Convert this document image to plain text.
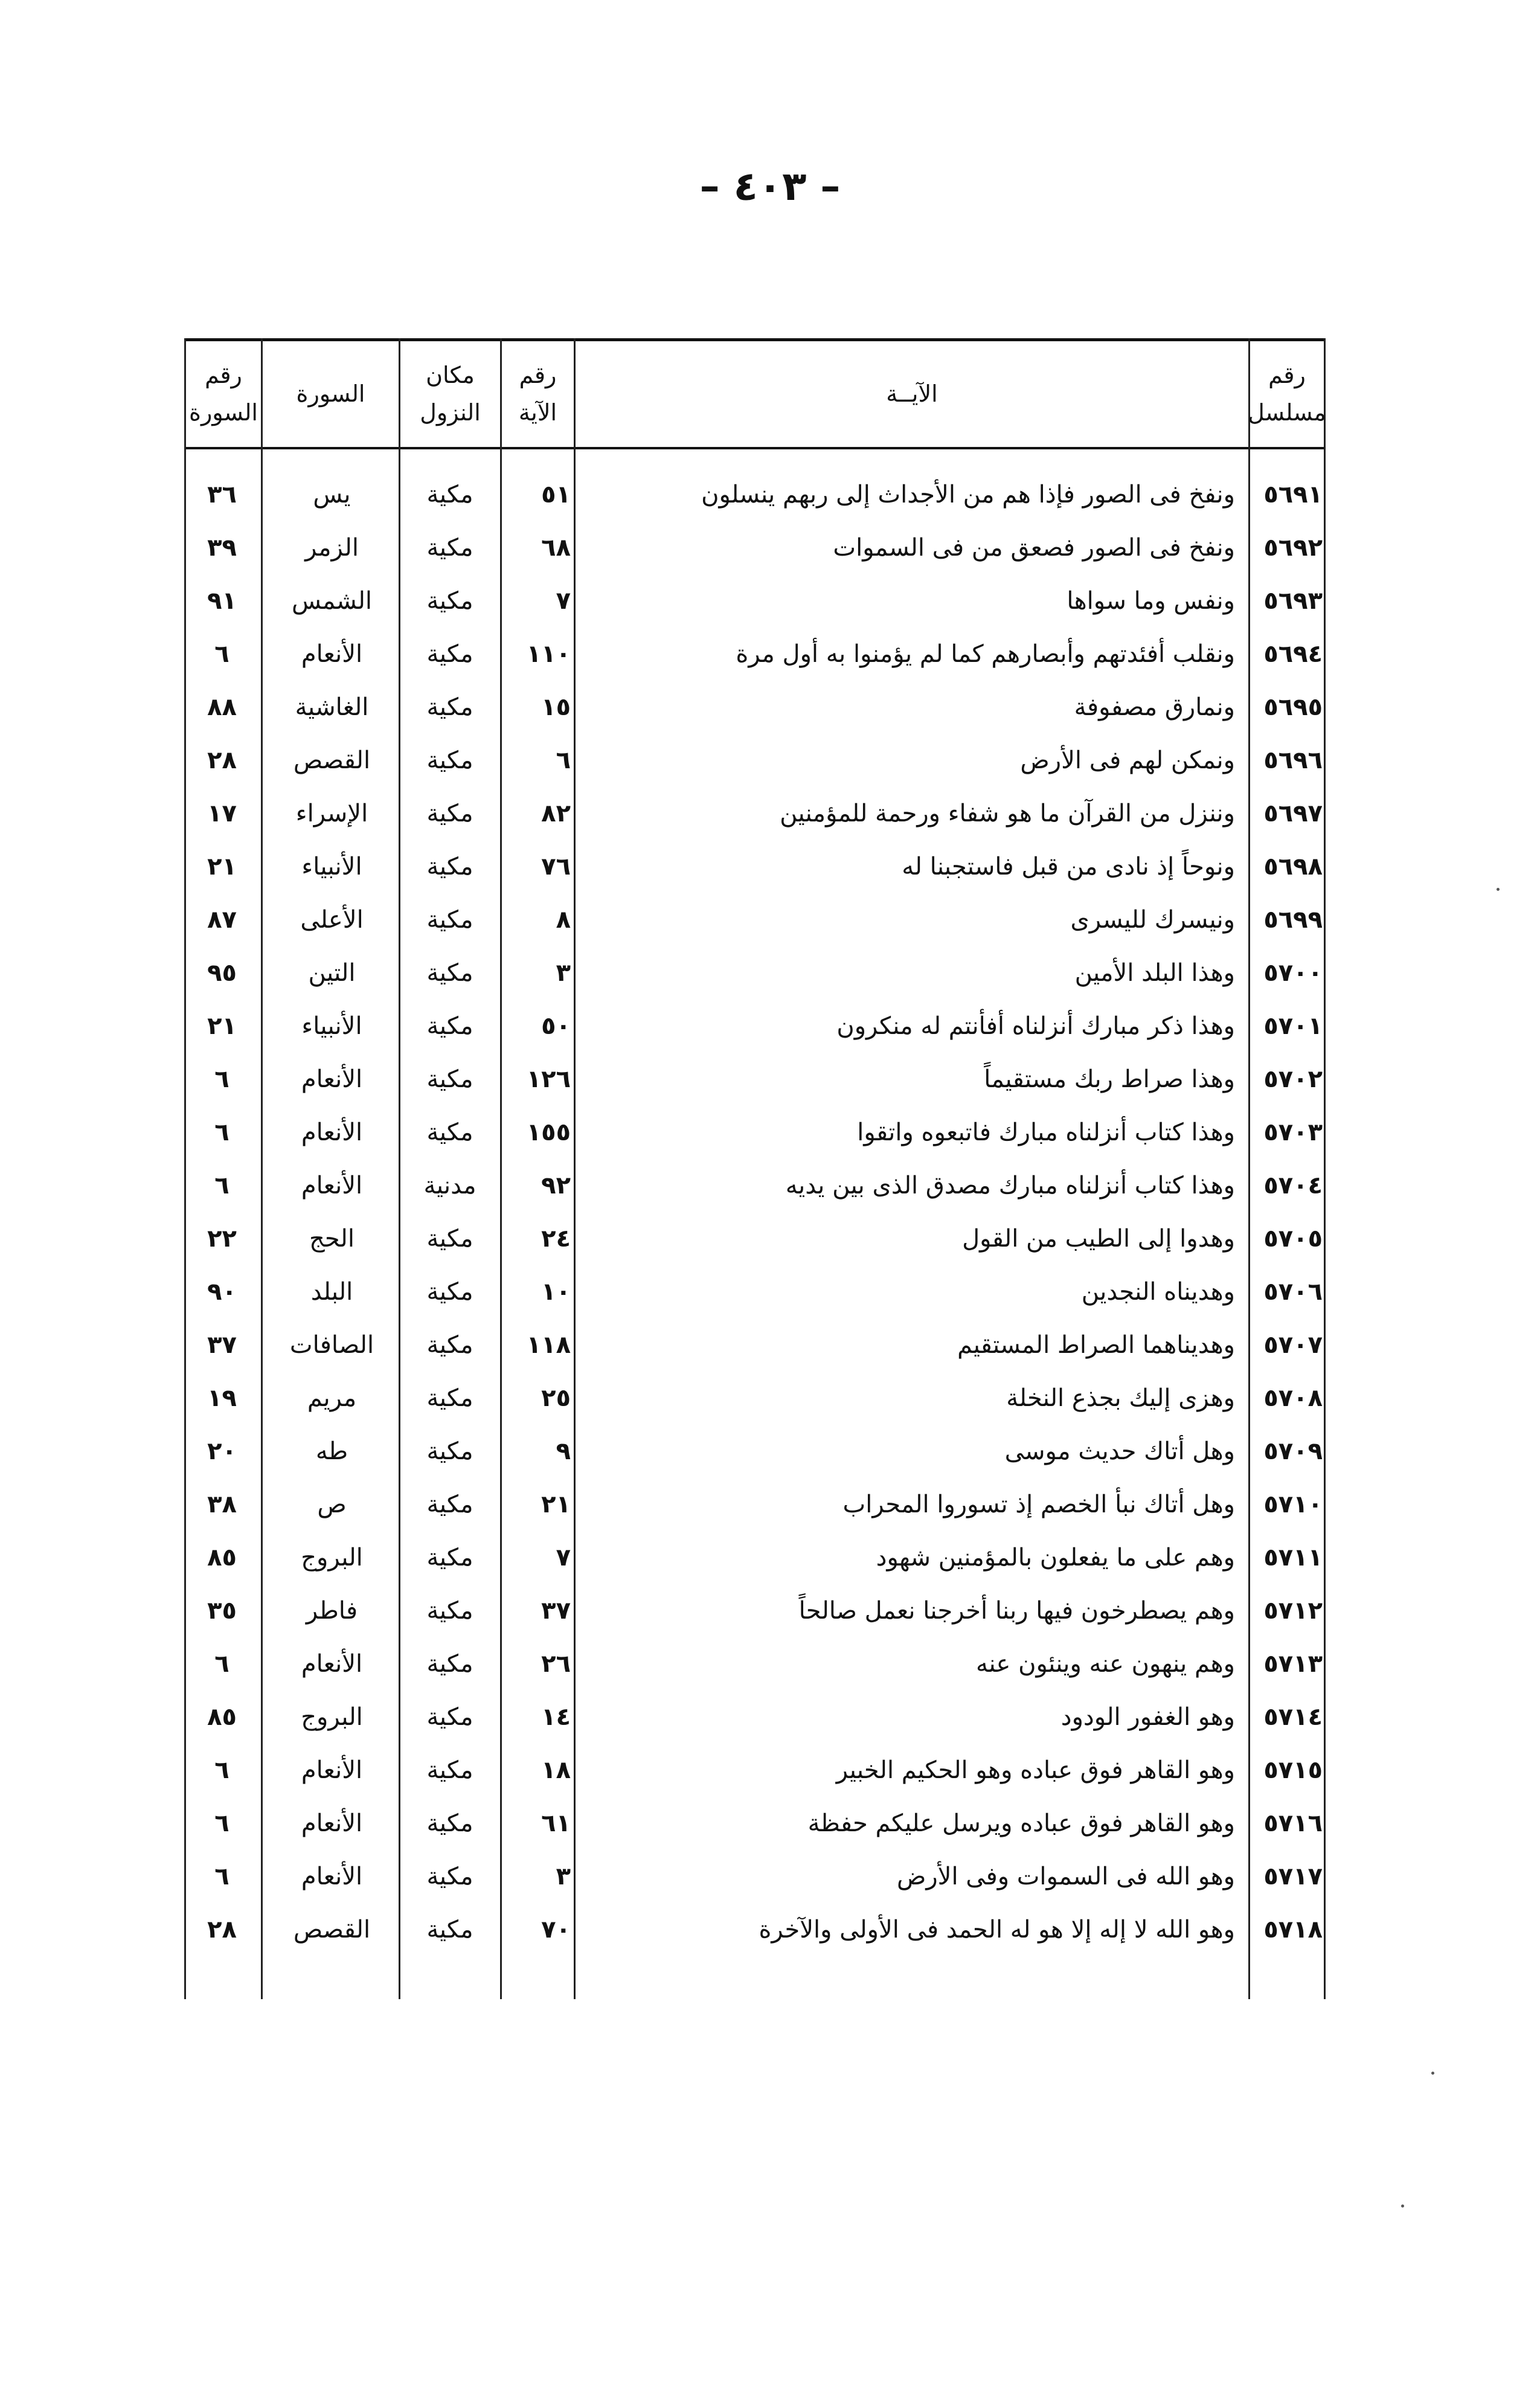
– ٤٠٣ –
رقم
مسلسل
الآيــة
رقم
الآية
مكان
النزول
السورة
رقم
السورة
٥٦٩١
ونفخ فى الصور فإذا هم من الأجداث إلى ربهم ينسلون
٥١
مكية
يس
٣٦
٥٦٩٢
ونفخ فى الصور فصعق من فى السموات
٦٨
مكية
الزمر
٣٩
٥٦٩٣
ونفس وما سواها
٧
مكية
الشمس
٩١
٥٦٩٤
ونقلب أفئدتهم وأبصارهم كما لم يؤمنوا به أول مرة
١١٠
مكية
الأنعام
٦
٥٦٩٥
ونمارق مصفوفة
١٥
مكية
الغاشية
٨٨
٥٦٩٦
ونمكن لهم فى الأرض
٦
مكية
القصص
٢٨
٥٦٩٧
وننزل من القرآن ما هو شفاء ورحمة للمؤمنين
٨٢
مكية
الإسراء
١٧
٥٦٩٨
ونوحاً إذ نادى من قبل فاستجبنا له
٧٦
مكية
الأنبياء
٢١
٥٦٩٩
ونيسرك لليسرى
٨
مكية
الأعلى
٨٧
٥٧٠٠
وهذا البلد الأمين
٣
مكية
التين
٩٥
٥٧٠١
وهذا ذكر مبارك أنزلناه أفأنتم له منكرون
٥٠
مكية
الأنبياء
٢١
٥٧٠٢
وهذا صراط ربك مستقيماً
١٢٦
مكية
الأنعام
٦
٥٧٠٣
وهذا كتاب أنزلناه مبارك فاتبعوه واتقوا
١٥٥
مكية
الأنعام
٦
٥٧٠٤
وهذا كتاب أنزلناه مبارك مصدق الذى بين يديه
٩٢
مدنية
الأنعام
٦
٥٧٠٥
وهدوا إلى الطيب من القول
٢٤
مكية
الحج
٢٢
٥٧٠٦
وهديناه النجدين
١٠
مكية
البلد
٩٠
٥٧٠٧
وهديناهما الصراط المستقيم
١١٨
مكية
الصافات
٣٧
٥٧٠٨
وهزى إليك بجذع النخلة
٢٥
مكية
مريم
١٩
٥٧٠٩
وهل أتاك حديث موسى
٩
مكية
طه
٢٠
٥٧١٠
وهل أتاك نبأ الخصم إذ تسوروا المحراب
٢١
مكية
ص
٣٨
٥٧١١
وهم على ما يفعلون بالمؤمنين شهود
٧
مكية
البروج
٨٥
٥٧١٢
وهم يصطرخون فيها ربنا أخرجنا نعمل صالحاً
٣٧
مكية
فاطر
٣٥
٥٧١٣
وهم ينهون عنه وينئون عنه
٢٦
مكية
الأنعام
٦
٥٧١٤
وهو الغفور الودود
١٤
مكية
البروج
٨٥
٥٧١٥
وهو القاهر فوق عباده وهو الحكيم الخبير
١٨
مكية
الأنعام
٦
٥٧١٦
وهو القاهر فوق عباده ويرسل عليكم حفظة
٦١
مكية
الأنعام
٦
٥٧١٧
وهو الله فى السموات وفى الأرض
٣
مكية
الأنعام
٦
٥٧١٨
وهو الله لا إله إلا هو له الحمد فى الأولى والآخرة
٧٠
مكية
القصص
٢٨
